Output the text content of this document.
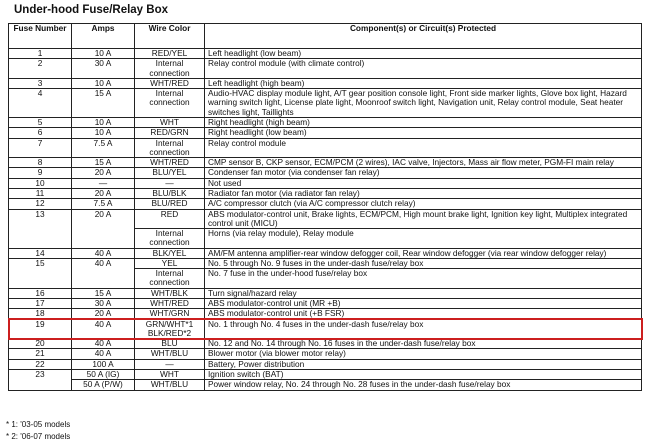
Under-hood Fuse/Relay Box
Fuse Number	Amps	Wire Color	Component(s) or Circuit(s) Protected
1	10 A	RED/YEL	Left headlight (low beam)
2	30 A	Internal connection	Relay control module (with climate control)
3	10 A	WHT/RED	Left headlight (high beam)
4	15 A	Internal connection	Audio-HVAC display module light, A/T gear position console light, Front side marker lights, Glove box light, Hazard warning switch light, License plate light, Moonroof switch light, Navigation unit, Relay control module, Seat heater switches light, Taillights
5	10 A	WHT	Right headlight (high beam)
6	10 A	RED/GRN	Right headlight (low beam)
7	7.5 A	Internal connection	Relay control module
8	15 A	WHT/RED	CMP sensor B, CKP sensor, ECM/PCM (2 wires), IAC valve, Injectors, Mass air flow meter, PGM-FI main relay
9	20 A	BLU/YEL	Condenser fan motor (via condenser fan relay)
10	—	—	Not used
11	20 A	BLU/BLK	Radiator fan motor (via radiator fan relay)
12	7.5 A	BLU/RED	A/C compressor clutch (via A/C compressor clutch relay)
13	20 A	RED	ABS modulator-control unit, Brake lights, ECM/PCM, High mount brake light, Ignition key light, Multiplex integrated control unit (MICU)
		Internal connection	Horns (via relay module), Relay module
14	40 A	BLK/YEL	AM/FM antenna amplifier-rear window defogger coil, Rear window defogger (via rear window defogger relay)
15	40 A	YEL	No. 5 through No. 9 fuses in the under-dash fuse/relay box
		Internal connection	No. 7 fuse in the under-hood fuse/relay box
16	15 A	WHT/BLK	Turn signal/hazard relay
17	30 A	WHT/RED	ABS modulator-control unit (MR +B)
18	20 A	WHT/GRN	ABS modulator-control unit (+B FSR)
19	40 A	GRN/WHT*1 BLK/RED*2	No. 1 through No. 4 fuses in the under-dash fuse/relay box
20	40 A	BLU	No. 12 and No. 14 through No. 16 fuses in the under-dash fuse/relay box
21	40 A	WHT/BLU	Blower motor (via blower motor relay)
22	100 A	—	Battery, Power distribution
23	50 A (IG)	WHT	Ignition switch (BAT)
	50 A (P/W)	WHT/BLU	Power window relay, No. 24 through No. 28 fuses in the under-dash fuse/relay box
* 1: '03-05 models
* 2: '06-07 models
